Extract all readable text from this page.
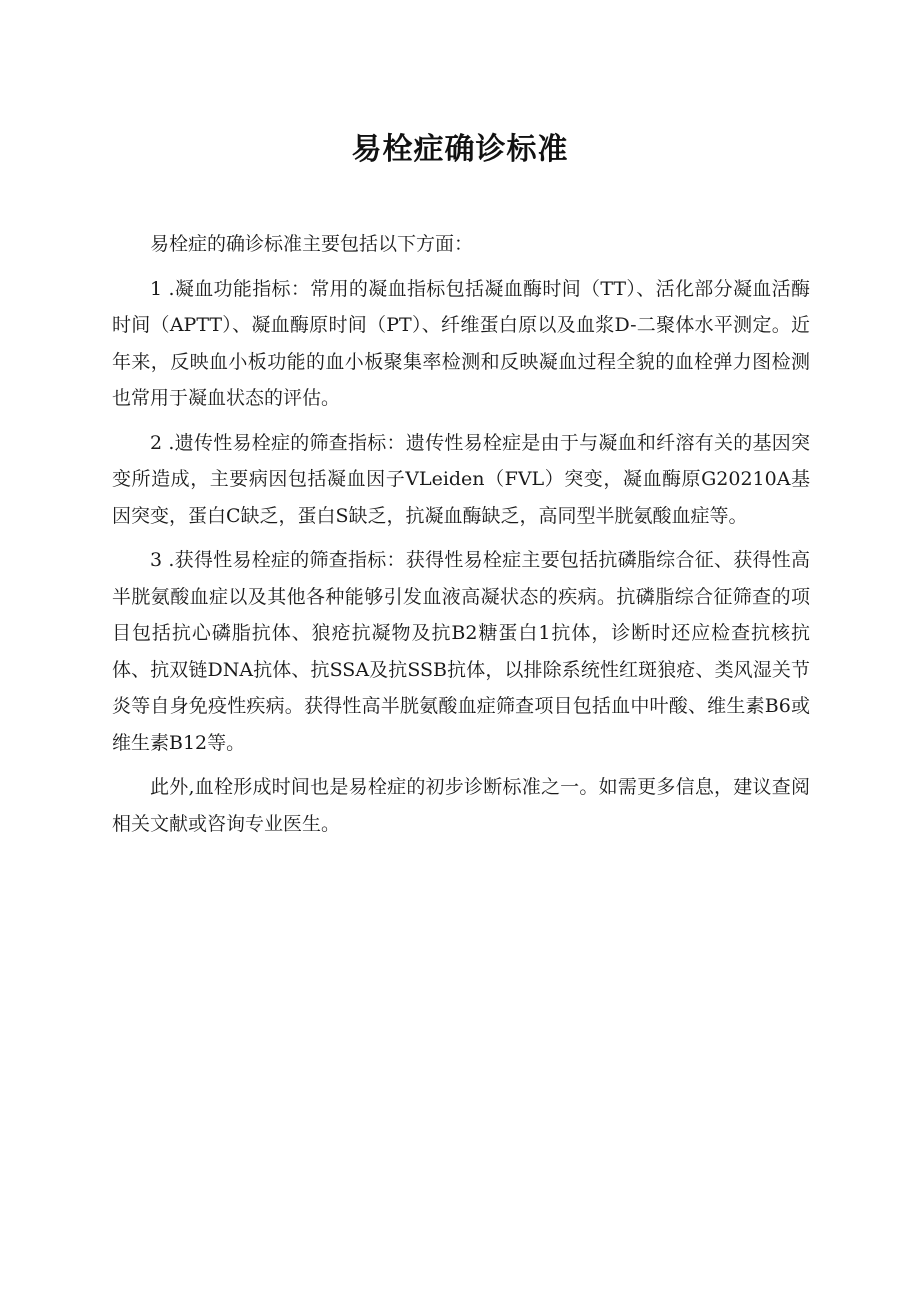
易栓症确诊标准

易栓症的确诊标准主要包括以下方面：

1 .凝血功能指标：常用的凝血指标包括凝血酶时间（TT）、活化部分凝血活酶时间（APTT）、凝血酶原时间（PT）、纤维蛋白原以及血浆D-二聚体水平测定。近年来，反映血小板功能的血小板聚集率检测和反映凝血过程全貌的血栓弹力图检测也常用于凝血状态的评估。

2 .遗传性易栓症的筛查指标：遗传性易栓症是由于与凝血和纤溶有关的基因突变所造成，主要病因包括凝血因子VLeiden（FVL）突变，凝血酶原G20210A基因突变，蛋白C缺乏，蛋白S缺乏，抗凝血酶缺乏，高同型半胱氨酸血症等。

3 .获得性易栓症的筛查指标：获得性易栓症主要包括抗磷脂综合征、获得性高半胱氨酸血症以及其他各种能够引发血液高凝状态的疾病。抗磷脂综合征筛查的项目包括抗心磷脂抗体、狼疮抗凝物及抗B2糖蛋白1抗体，诊断时还应检查抗核抗体、抗双链DNA抗体、抗SSA及抗SSB抗体，以排除系统性红斑狼疮、类风湿关节炎等自身免疫性疾病。获得性高半胱氨酸血症筛查项目包括血中叶酸、维生素B6或维生素B12等。

此外,血栓形成时间也是易栓症的初步诊断标准之一。如需更多信息，建议查阅相关文献或咨询专业医生。
